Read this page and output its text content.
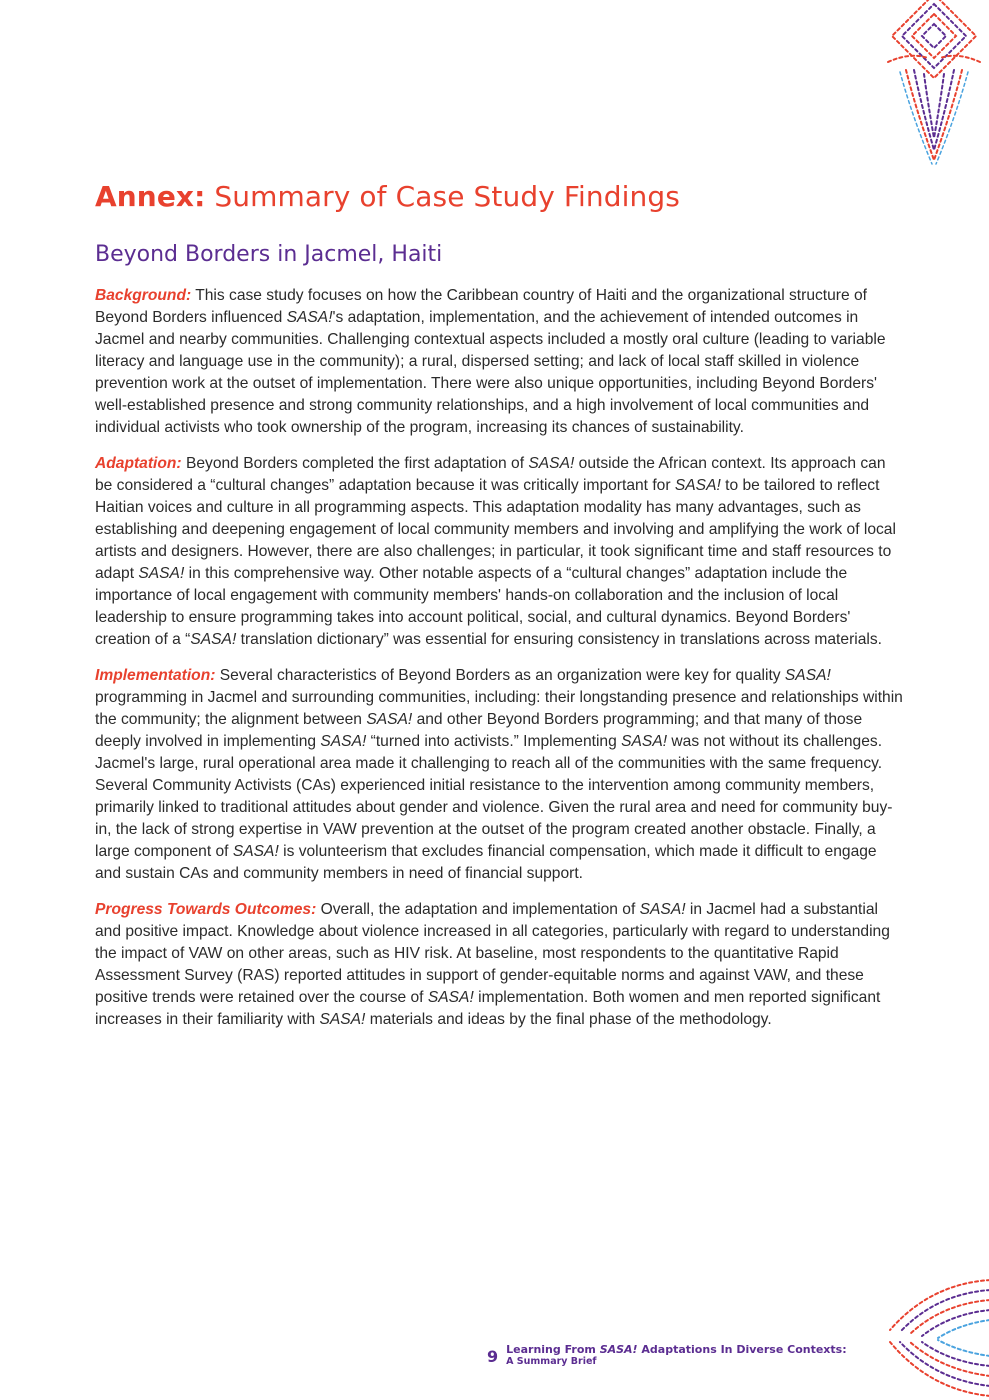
Annex: Summary of Case Study Findings
Beyond Borders in Jacmel, Haiti

Background: This case study focuses on how the Caribbean country of Haiti and the organizational structure of Beyond Borders influenced SASA!'s adaptation, implementation, and the achievement of intended outcomes in Jacmel and nearby communities. Challenging contextual aspects included a mostly oral culture (leading to variable literacy and language use in the community); a rural, dispersed setting; and lack of local staff skilled in violence prevention work at the outset of implementation. There were also unique opportunities, including Beyond Borders' well-established presence and strong community relationships, and a high involvement of local communities and individual activists who took ownership of the program, increasing its chances of sustainability.

Adaptation: Beyond Borders completed the first adaptation of SASA! outside the African context. Its approach can be considered a “cultural changes” adaptation because it was critically important for SASA! to be tailored to reflect Haitian voices and culture in all programming aspects. This adaptation modality has many advantages, such as establishing and deepening engagement of local community members and involving and amplifying the work of local artists and designers. However, there are also challenges; in particular, it took significant time and staff resources to adapt SASA! in this comprehensive way. Other notable aspects of a “cultural changes” adaptation include the importance of local engagement with community members' hands-on collaboration and the inclusion of local leadership to ensure programming takes into account political, social, and cultural dynamics. Beyond Borders' creation of a “SASA! translation dictionary” was essential for ensuring consistency in translations across materials.

Implementation: Several characteristics of Beyond Borders as an organization were key for quality SASA! programming in Jacmel and surrounding communities, including: their longstanding presence and relationships within the community; the alignment between SASA! and other Beyond Borders programming; and that many of those deeply involved in implementing SASA! “turned into activists.” Implementing SASA! was not without its challenges. Jacmel's large, rural operational area made it challenging to reach all of the communities with the same frequency. Several Community Activists (CAs) experienced initial resistance to the intervention among community members, primarily linked to traditional attitudes about gender and violence. Given the rural area and need for community buy-in, the lack of strong expertise in VAW prevention at the outset of the program created another obstacle. Finally, a large component of SASA! is volunteerism that excludes financial compensation, which made it difficult to engage and sustain CAs and community members in need of financial support.

Progress Towards Outcomes: Overall, the adaptation and implementation of SASA! in Jacmel had a substantial and positive impact. Knowledge about violence increased in all categories, particularly with regard to understanding the impact of VAW on other areas, such as HIV risk. At baseline, most respondents to the quantitative Rapid Assessment Survey (RAS) reported attitudes in support of gender-equitable norms and against VAW, and these positive trends were retained over the course of SASA! implementation. Both women and men reported significant increases in their familiarity with SASA! materials and ideas by the final phase of the methodology.

9 Learning From SASA! Adaptations In Diverse Contexts:
A Summary Brief
